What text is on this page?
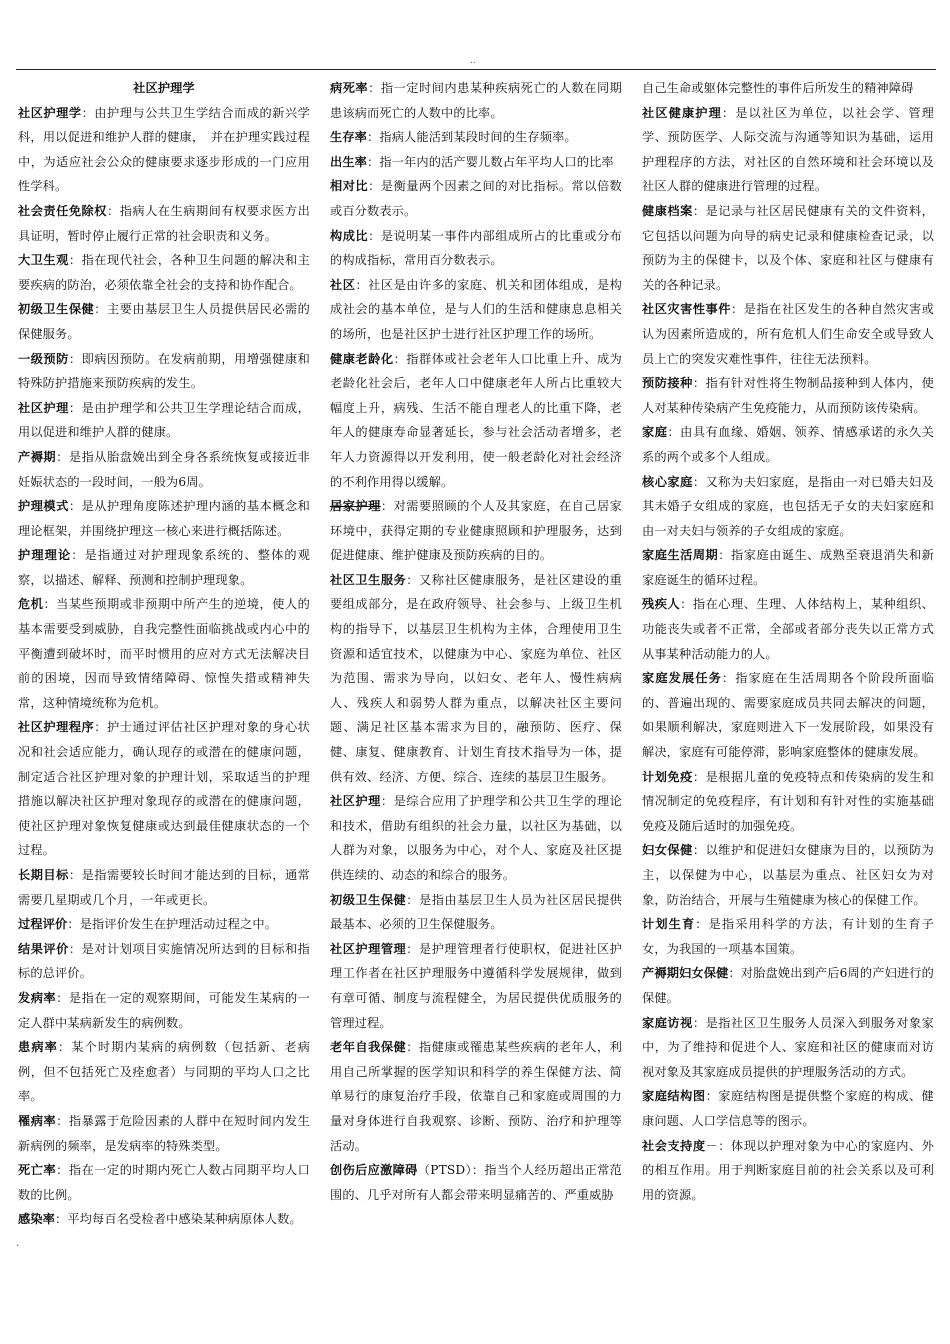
..

社区护理学

社区护理学：由护理与公共卫生学结合而成的新兴学科，用以促进和维护人群的健康，　并在护理实践过程中，为适应社会公众的健康要求逐步形成的一门应用性学科。

社会责任免除权：指病人在生病期间有权要求医方出具证明，暂时停止履行正常的社会职责和义务。

大卫生观：指在现代社会，各种卫生问题的解决和主要疾病的防治，必须依靠全社会的支持和协作配合。

初级卫生保健：主要由基层卫生人员提供居民必需的保健服务。

一级预防：即病因预防。在发病前期，用增强健康和特殊防护措施来预防疾病的发生。

社区护理：是由护理学和公共卫生学理论结合而成，用以促进和维护人群的健康。

产褥期：是指从胎盘娩出到全身各系统恢复或接近非妊娠状态的一段时间，一般为6周。

护理模式：是从护理角度陈述护理内涵的基本概念和理论框架，并围绕护理这一核心来进行概括陈述。

护理理论：是指通过对护理现象系统的、整体的观察，以描述、解释、预测和控制护理现象。

危机：当某些预期或非预期中所产生的逆境，使人的基本需要受到威胁，自我完整性面临挑战或内心中的平衡遭到破坏时，而平时惯用的应对方式无法解决目前的困境，因而导致情绪障碍、惊惶失措或精神失常，这种情境统称为危机。

社区护理程序：护士通过评估社区护理对象的身心状况和社会适应能力，确认现存的或潜在的健康问题，制定适合社区护理对象的护理计划，采取适当的护理措施以解决社区护理对象现存的或潜在的健康问题，使社区护理对象恢复健康或达到最佳健康状态的一个过程。

长期目标：是指需要较长时间才能达到的目标，通常需要几星期或几个月，一年或更长。

过程评价：是指评价发生在护理活动过程之中。

结果评价：是对计划项目实施情况所达到的目标和指标的总评价。

发病率：是指在一定的观察期间，可能发生某病的一定人群中某病新发生的病例数。

患病率：某个时期内某病的病例数（包括新、老病例，但不包括死亡及痊愈者）与同期的平均人口之比率。

罹病率：指暴露于危险因素的人群中在短时间内发生新病例的频率，是发病率的特殊类型。

死亡率：指在一定的时期内死亡人数占同期平均人口数的比例。

感染率：平均每百名受检者中感染某种病原体人数。

病死率：指一定时间内患某种疾病死亡的人数在同期患该病而死亡的人数中的比率。

生存率：指病人能活到某段时间的生存频率。

出生率：指一年内的活产婴儿数占年平均人口的比率

相对比：是衡量两个因素之间的对比指标。常以倍数或百分数表示。

构成比：是说明某一事件内部组成所占的比重或分布的构成指标，常用百分数表示。

社区：社区是由许多的家庭、机关和团体组成，是构成社会的基本单位，是与人们的生活和健康息息相关的场所，也是社区护士进行社区护理工作的场所。

健康老龄化：指群体或社会老年人口比重上升、成为老龄化社会后，老年人口中健康老年人所占比重较大幅度上升，病残、生活不能自理老人的比重下降，老年人的健康寿命显著延长，参与社会活动者增多，老年人力资源得以开发利用，使一般老龄化对社会经济的不利作用得以缓解。

居家护理：对需要照顾的个人及其家庭，在自己居家环境中，获得定期的专业健康照顾和护理服务，达到促进健康、维护健康及预防疾病的目的。

社区卫生服务：又称社区健康服务，是社区建设的重要组成部分，是在政府领导、社会参与、上级卫生机构的指导下，以基层卫生机构为主体，合理使用卫生资源和适宜技术，以健康为中心、家庭为单位、社区为范围、需求为导向，以妇女、老年人、慢性病病人、残疾人和弱势人群为重点，以解决社区主要问题、满足社区基本需求为目的，融预防、医疗、保健、康复、健康教育、计划生育技术指导为一体，提供有效、经济、方便、综合、连续的基层卫生服务。

社区护理：是综合应用了护理学和公共卫生学的理论和技术，借助有组织的社会力量，以社区为基础，以人群为对象，以服务为中心，对个人、家庭及社区提供连续的、动态的和综合的服务。

初级卫生保健：是指由基层卫生人员为社区居民提供最基本、必须的卫生保健服务。

社区护理管理：是护理管理者行使职权，促进社区护理工作者在社区护理服务中遵循科学发展规律，做到有章可循、制度与流程健全，为居民提供优质服务的管理过程。

老年自我保健：指健康或罹患某些疾病的老年人，利用自己所掌握的医学知识和科学的养生保健方法、简单易行的康复治疗手段，依靠自己和家庭或周围的力量对身体进行自我观察、诊断、预防、治疗和护理等活动。

创伤后应激障碍（PTSD）：指当个人经历超出正常范围的、几乎对所有人都会带来明显痛苦的、严重威胁

自己生命或躯体完整性的事件后所发生的精神障碍

社区健康护理：是以社区为单位，以社会学、管理学、预防医学、人际交流与沟通等知识为基础，运用护理程序的方法，对社区的自然环境和社会环境以及社区人群的健康进行管理的过程。

健康档案：是记录与社区居民健康有关的文件资料，它包括以问题为向导的病史记录和健康检查记录，以预防为主的保健卡，以及个体、家庭和社区与健康有关的各种记录。

社区灾害性事件：是指在社区发生的各种自然灾害或认为因素所造成的，所有危机人们生命安全或导致人员上亡的突发灾难性事件，往往无法预料。

预防接种：指有针对性将生物制品接种到人体内，使人对某种传染病产生免疫能力，从而预防该传染病。

家庭：由具有血缘、婚姻、领养、情感承诺的永久关系的两个或多个人组成。

核心家庭：又称为夫妇家庭，是指由一对已婚夫妇及其未婚子女组成的家庭，也包括无子女的夫妇家庭和由一对夫妇与领养的子女组成的家庭。

家庭生活周期：指家庭由诞生、成熟至衰退消失和新家庭诞生的循环过程。

残疾人：指在心理、生理、人体结构上，某种组织、功能丧失或者不正常，全部或者部分丧失以正常方式从事某种活动能力的人。

家庭发展任务：指家庭在生活周期各个阶段所面临的、普遍出现的、需要家庭成员共同去解决的问题，如果顺利解决，家庭则进入下一发展阶段，如果没有解决，家庭有可能停滞，影响家庭整体的健康发展。

计划免疫：是根据儿童的免疫特点和传染病的发生和情况制定的免疫程序，有计划和有针对性的实施基础免疫及随后适时的加强免疫。

妇女保健：以维护和促进妇女健康为目的，以预防为主，以保健为中心，以基层为重点、社区妇女为对象，防治结合，开展与生殖健康为核心的保健工作。

计划生育：是指采用科学的方法，有计划的生育子女，为我国的一项基本国策。

产褥期妇女保健：对胎盘娩出到产后6周的产妇进行的保健。

家庭访视：是指社区卫生服务人员深入到服务对象家中，为了维持和促进个人、家庭和社区的健康而对访视对象及其家庭成员提供的护理服务活动的方式。

家庭结构图：家庭结构图是提供整个家庭的构成、健康问题、人口学信息等的图示。

社会支持度－：体现以护理对象为中心的家庭内、外的相互作用。用于判断家庭目前的社会关系以及可利用的资源。

.
